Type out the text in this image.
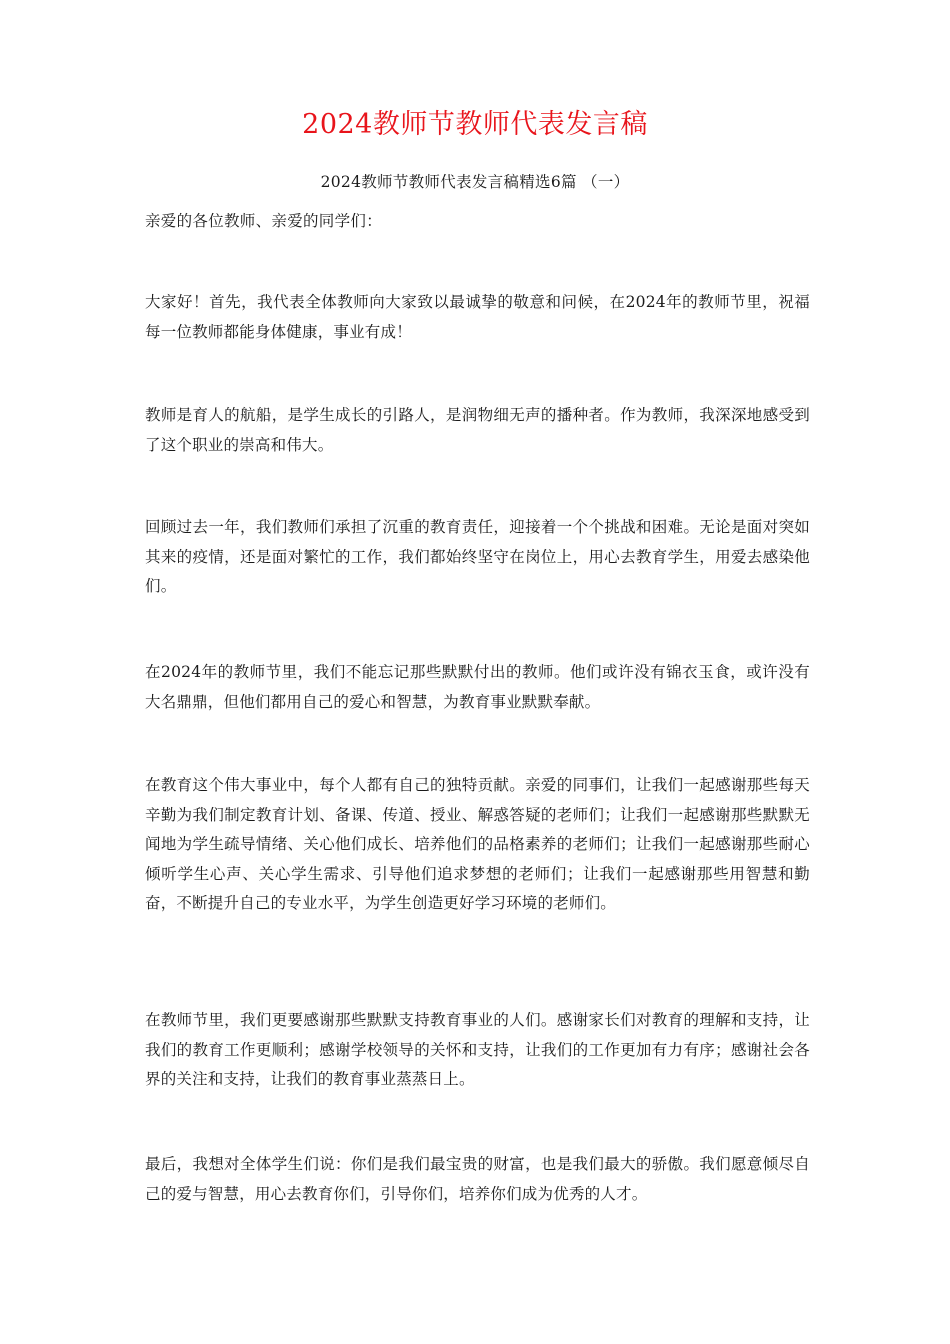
2024教师节教师代表发言稿
2024教师节教师代表发言稿精选6篇 （一）
亲爱的各位教师、亲爱的同学们：
大家好！首先，我代表全体教师向大家致以最诚挚的敬意和问候，在2024年的教师节里，祝福每一位教师都能身体健康，事业有成！
教师是育人的航船，是学生成长的引路人，是润物细无声的播种者。作为教师，我深深地感受到了这个职业的崇高和伟大。
回顾过去一年，我们教师们承担了沉重的教育责任，迎接着一个个挑战和困难。无论是面对突如其来的疫情，还是面对繁忙的工作，我们都始终坚守在岗位上，用心去教育学生，用爱去感染他们。
在2024年的教师节里，我们不能忘记那些默默付出的教师。他们或许没有锦衣玉食，或许没有大名鼎鼎，但他们都用自己的爱心和智慧，为教育事业默默奉献。
在教育这个伟大事业中，每个人都有自己的独特贡献。亲爱的同事们，让我们一起感谢那些每天辛勤为我们制定教育计划、备课、传道、授业、解惑答疑的老师们；让我们一起感谢那些默默无闻地为学生疏导情绪、关心他们成长、培养他们的品格素养的老师们；让我们一起感谢那些耐心倾听学生心声、关心学生需求、引导他们追求梦想的老师们；让我们一起感谢那些用智慧和勤奋，不断提升自己的专业水平，为学生创造更好学习环境的老师们。
在教师节里，我们更要感谢那些默默支持教育事业的人们。感谢家长们对教育的理解和支持，让我们的教育工作更顺利；感谢学校领导的关怀和支持，让我们的工作更加有力有序；感谢社会各界的关注和支持，让我们的教育事业蒸蒸日上。
最后，我想对全体学生们说：你们是我们最宝贵的财富，也是我们最大的骄傲。我们愿意倾尽自己的爱与智慧，用心去教育你们，引导你们，培养你们成为优秀的人才。
